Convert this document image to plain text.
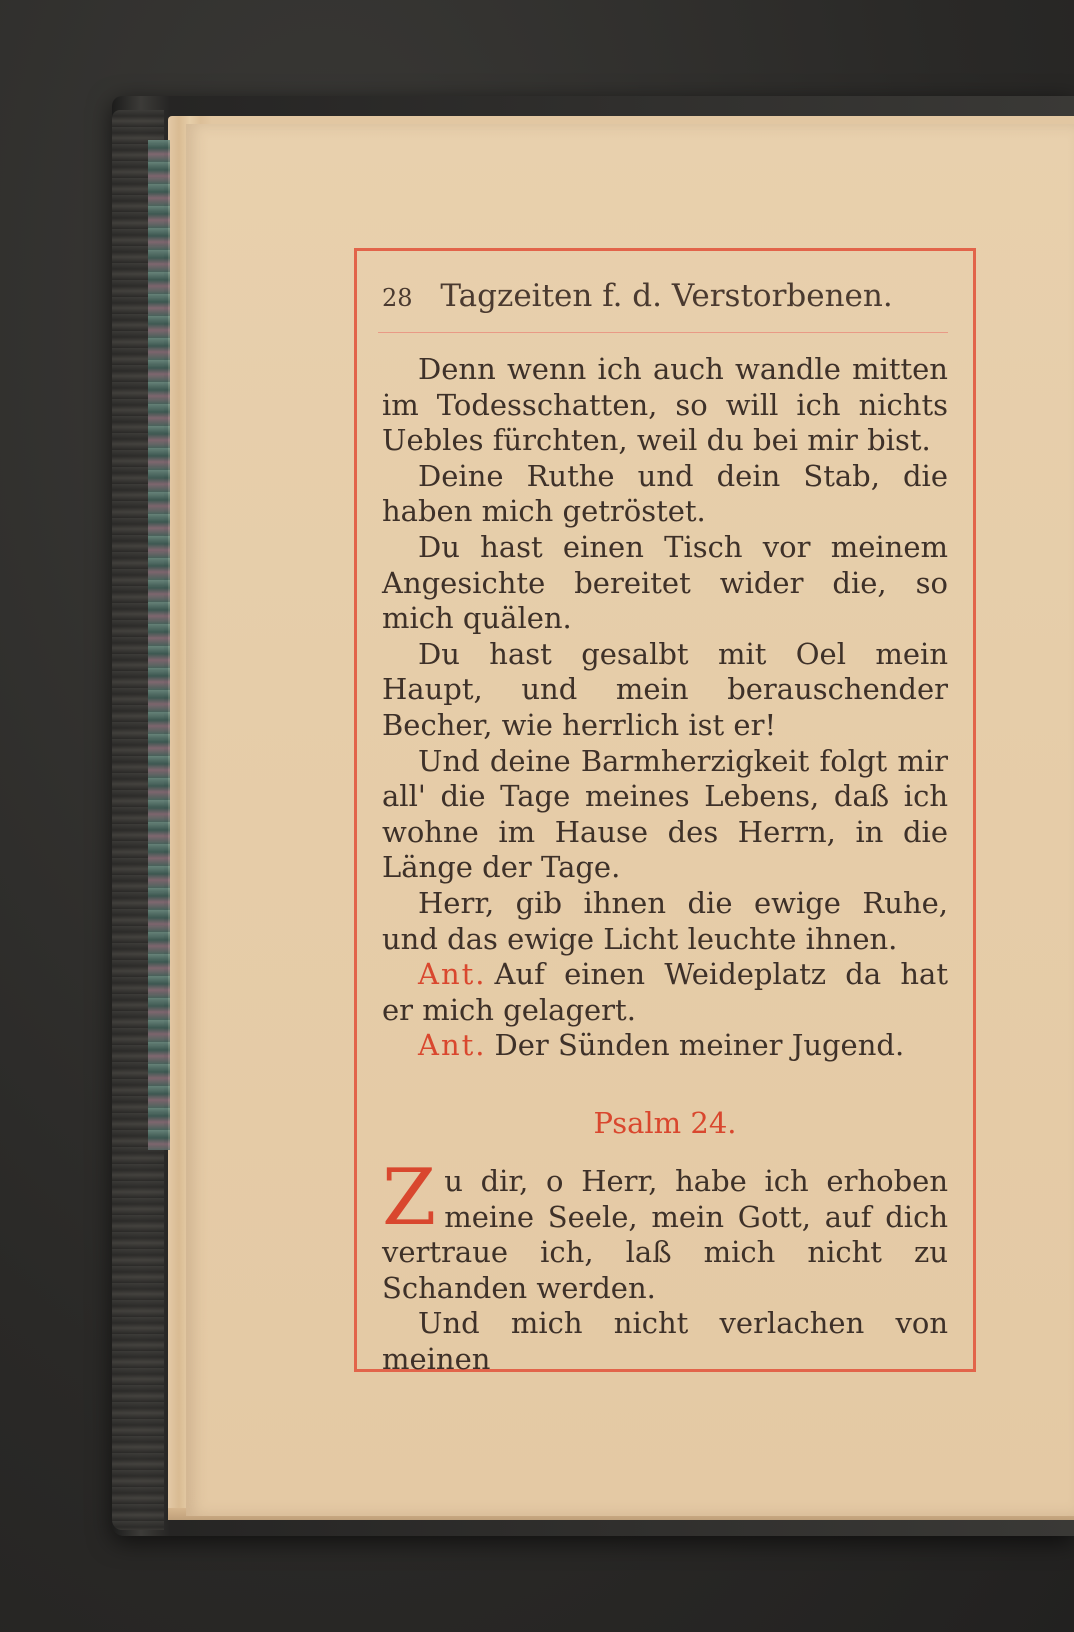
28 Tagzeiten f. d. Verstorbenen.

Denn wenn ich auch wandle mitten im Todesschatten, so will ich nichts Uebles fürchten, weil du bei mir bist.

Deine Ruthe und dein Stab, die haben mich getröstet.

Du hast einen Tisch vor meinem Angesichte bereitet wider die, so mich quälen.

Du hast gesalbt mit Oel mein Haupt, und mein berauschender Becher, wie herrlich ist er!

Und deine Barmherzigkeit folgt mir all' die Tage meines Lebens, daß ich wohne im Hause des Herrn, in die Länge der Tage.

Herr, gib ihnen die ewige Ruhe, und das ewige Licht leuchte ihnen.

Ant. Auf einen Weideplatz da hat er mich gelagert.

Ant. Der Sünden meiner Jugend.

Psalm 24.

Zu dir, o Herr, habe ich erhoben meine Seele, mein Gott, auf dich vertraue ich, laß mich nicht zu Schanden werden.

Und mich nicht verlachen von meinen
